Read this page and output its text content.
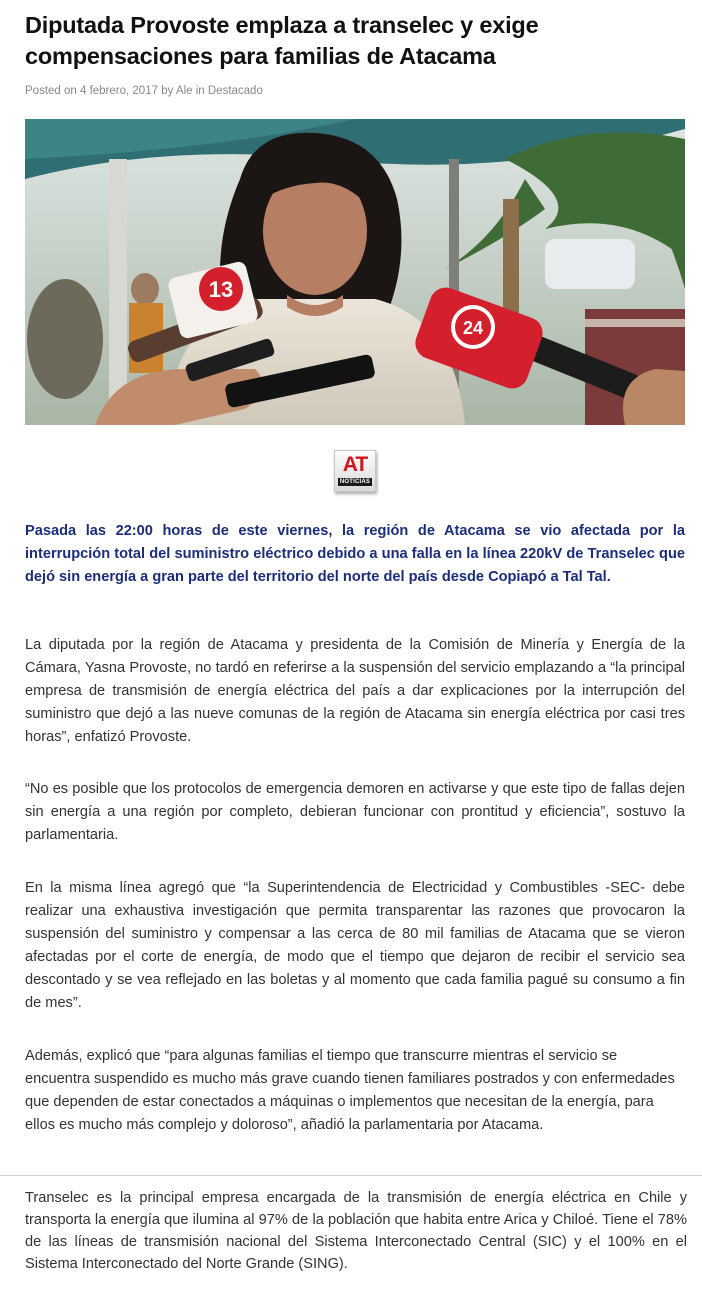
Diputada Provoste emplaza a transelec y exige compensaciones para familias de Atacama
Posted on 4 febrero, 2017 by Ale in Destacado
13
24
AT
NOTICIAS

Pasada las 22:00 horas de este viernes, la región de Atacama se vio afectada por la interrupción total del suministro eléctrico debido a una falla en la línea 220kV de Transelec que dejó sin energía a gran parte del territorio del norte del país desde Copiapó a Tal Tal.

La diputada por la región de Atacama y presidenta de la Comisión de Minería y Energía de la Cámara, Yasna Provoste, no tardó en referirse a la suspensión del servicio emplazando a “la principal empresa de transmisión de energía eléctrica del país a dar explicaciones por la interrupción del suministro que dejó a las nueve comunas de la región de Atacama sin energía eléctrica por casi tres horas”, enfatizó Provoste.

“No es posible que los protocolos de emergencia demoren en activarse y que este tipo de fallas dejen sin energía a una región por completo, debieran funcionar con prontitud y eficiencia”, sostuvo la parlamentaria.

En la misma línea agregó que “la Superintendencia de Electricidad y Combustibles -SEC- debe realizar una exhaustiva investigación que permita transparentar las razones que provocaron la suspensión del suministro y compensar a las cerca de 80 mil familias de Atacama que se vieron afectadas por el corte de energía, de modo que el tiempo que dejaron de recibir el servicio sea descontado y se vea reflejado en las boletas y al momento que cada familia pagué su consumo a fin de mes”.

Además, explicó que “para algunas familias el tiempo que transcurre mientras el servicio se encuentra suspendido es mucho más grave cuando tienen familiares postrados y con enfermedades que dependen de estar conectados a máquinas o implementos que necesitan de la energía, para ellos es mucho más complejo y doloroso”, añadió la parlamentaria por Atacama.

Transelec es la principal empresa encargada de la transmisión de energía eléctrica en Chile y transporta la energía que ilumina al 97% de la población que habita entre Arica y Chiloé. Tiene el 78% de las líneas de transmisión nacional del Sistema Interconectado Central (SIC) y el 100% en el Sistema Interconectado del Norte Grande (SING).
